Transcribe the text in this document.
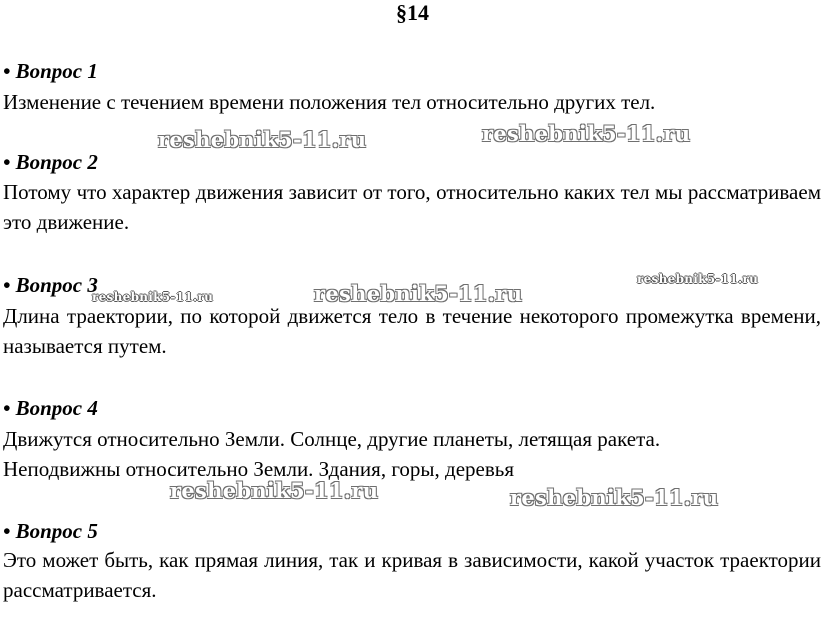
§14
• Вопрос 1
Изменение с течением времени положения тел относительно других тел.
• Вопрос 2
Потому что характер движения зависит от того, относительно каких тел мы рассматриваем это движение.
• Вопрос 3
Длина траектории, по которой движется тело в течение некоторого промежутка времени, называется путем.
• Вопрос 4
Движутся относительно Земли. Солнце, другие планеты, летящая ракета.
Неподвижны относительно Земли. Здания, горы, деревья
• Вопрос 5
Это может быть, как прямая линия, так и кривая в зависимости, какой участок траектории рассматривается.
reshebnik5-11.ru	reshebnik5-11.ru
reshebnik5-11.ru
reshebnik5-11.ru
reshebnik5-11.ru
reshebnik5-11.ru	reshebnik5-11.ru
